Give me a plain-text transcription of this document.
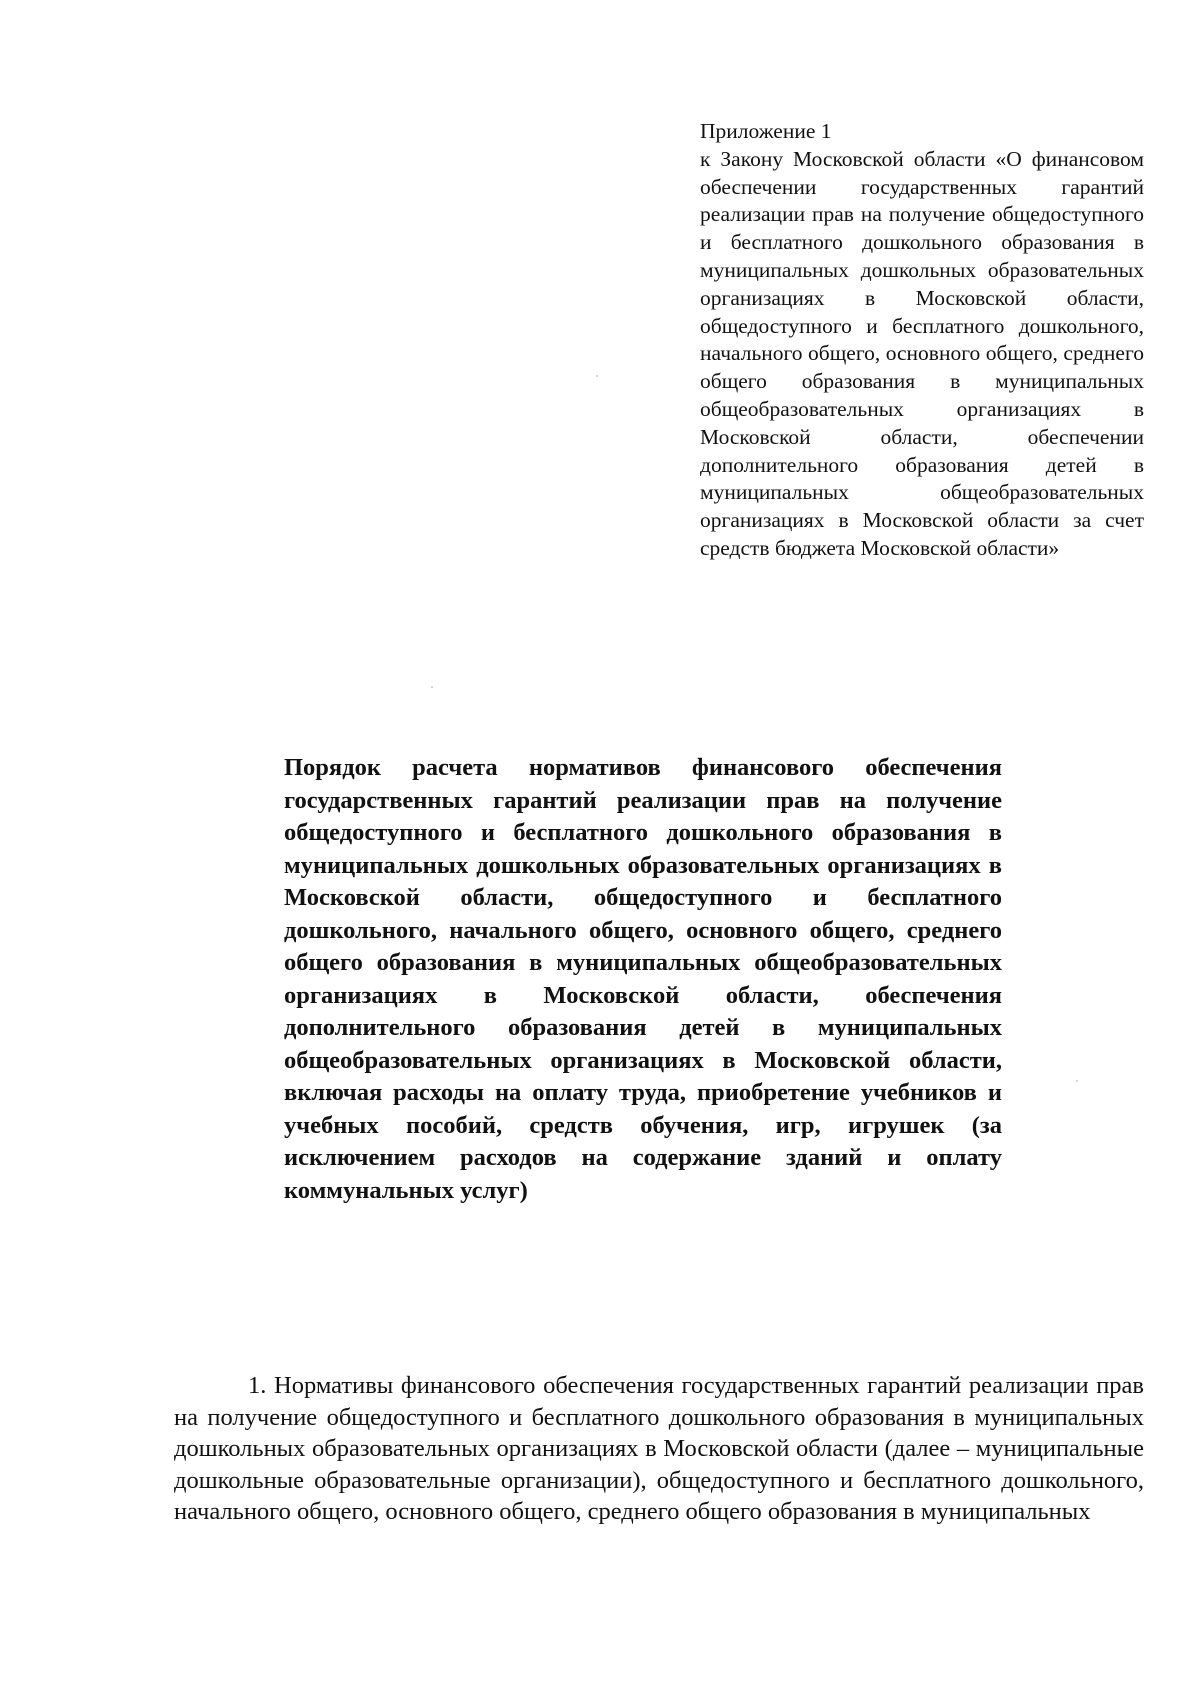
Приложение 1
к Закону Московской области «О финансовом обеспечении государственных гарантий реализации прав на получение общедоступного и бесплатного дошкольного образования в муниципальных дошкольных образовательных организациях в Московской области, общедоступного и бесплатного дошкольного, начального общего, основного общего, среднего общего образования в муниципальных общеобразовательных организациях в Московской области, обеспечении дополнительного образования детей в муниципальных общеобразовательных организациях в Московской области за счет средств бюджета Московской области»

Порядок расчета нормативов финансового обеспечения государственных гарантий реализации прав на получение общедоступного и бесплатного дошкольного образования в муниципальных дошкольных образовательных организациях в Московской области, общедоступного и бесплатного дошкольного, начального общего, основного общего, среднего общего образования в муниципальных общеобразовательных организациях в Московской области, обеспечения дополнительного образования детей в муниципальных общеобразовательных организациях в Московской области, включая расходы на оплату труда, приобретение учебников и учебных пособий, средств обучения, игр, игрушек (за исключением расходов на содержание зданий и оплату коммунальных услуг)

1. Нормативы финансового обеспечения государственных гарантий реализации прав на получение общедоступного и бесплатного дошкольного образования в муниципальных дошкольных образовательных организациях в Московской области (далее – муниципальные дошкольные образовательные организации), общедоступного и бесплатного дошкольного, начального общего, основного общего, среднего общего образования в муниципальных
